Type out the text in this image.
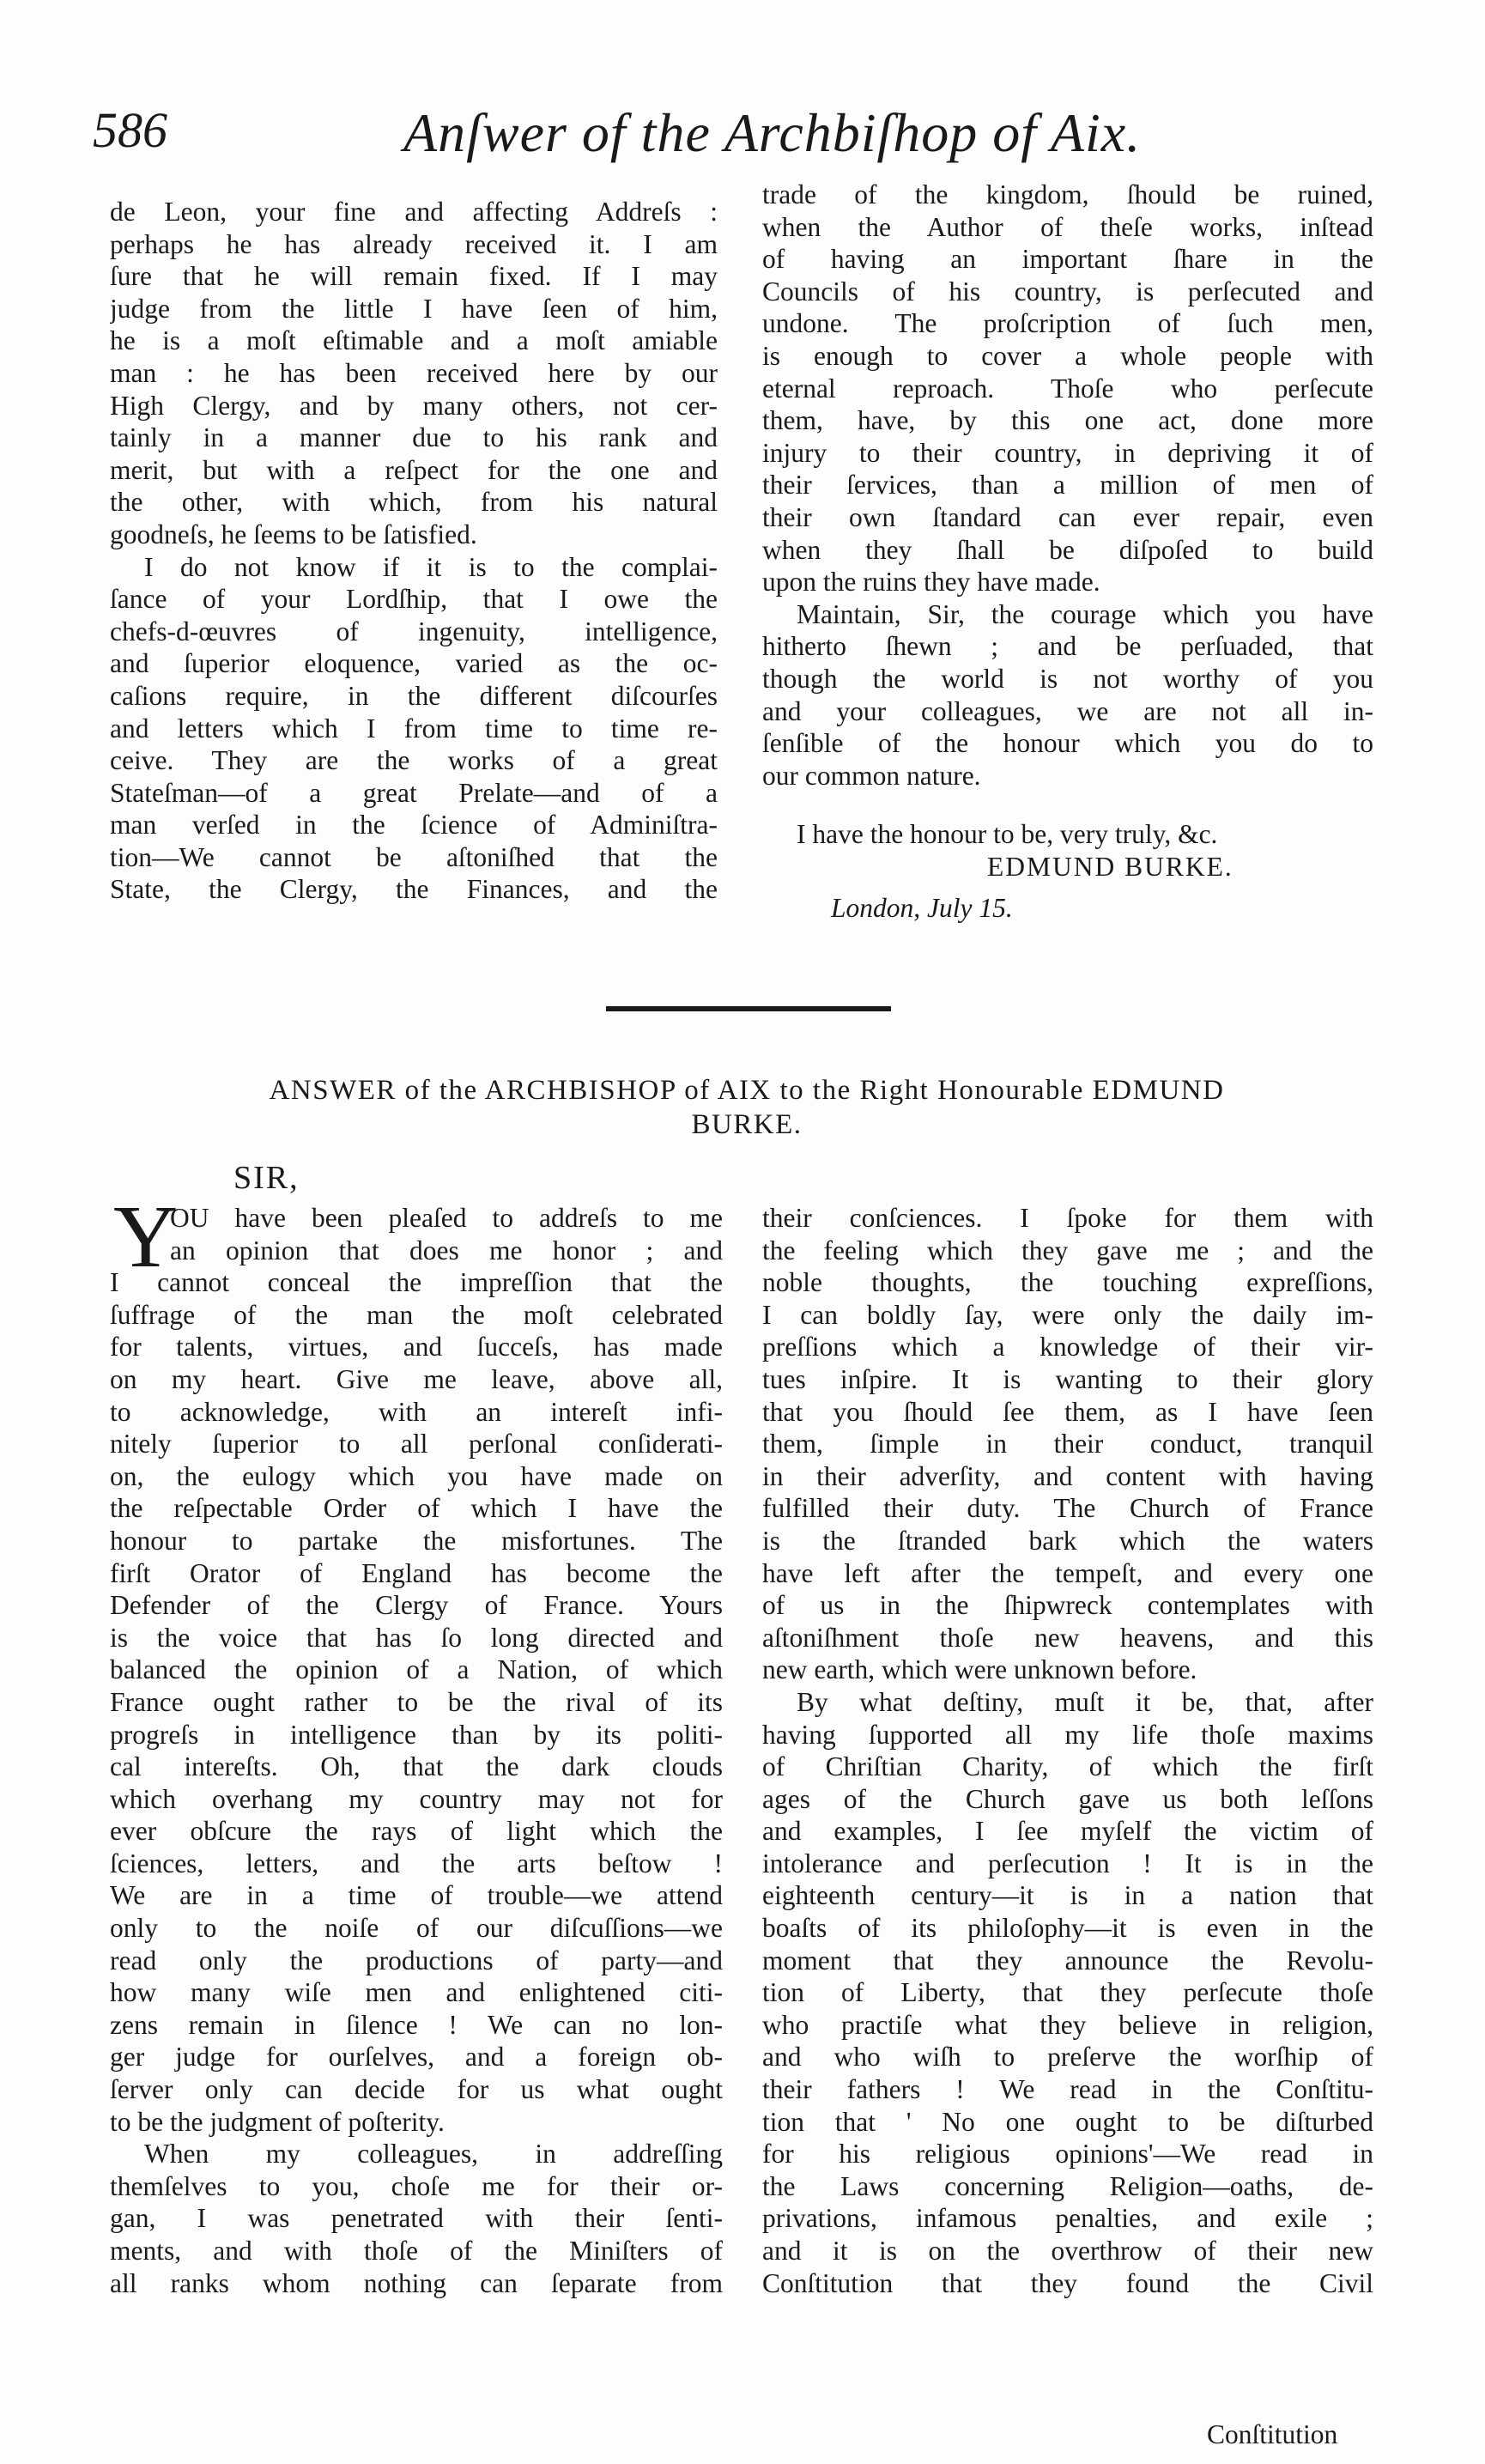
586	Anſwer of the Archbiſhop of Aix.
de Leon, your fine and affecting Addreſs :
perhaps he has already received it. I am
ſure that he will remain fixed. If I may
judge from the little I have ſeen of him,
he is a moſt eſtimable and a moſt amiable
man : he has been received here by our
High Clergy, and by many others, not cer-
tainly in a manner due to his rank and
merit, but with a reſpect for the one and
the other, with which, from his natural
goodneſs, he ſeems to be ſatisfied.
I do not know if it is to the complai-
ſance of your Lordſhip, that I owe the
chefs-d-œuvres of ingenuity, intelligence,
and ſuperior eloquence, varied as the oc-
caſions require, in the different diſcourſes
and letters which I from time to time re-
ceive. They are the works of a great
Stateſman—of a great Prelate—and of a
man verſed in the ſcience of Adminiſtra-
tion—We cannot be aſtoniſhed that the
State, the Clergy, the Finances, and the
trade of the kingdom, ſhould be ruined,
when the Author of theſe works, inſtead
of having an important ſhare in the
Councils of his country, is perſecuted and
undone. The proſcription of ſuch men,
is enough to cover a whole people with
eternal reproach. Thoſe who perſecute
them, have, by this one act, done more
injury to their country, in depriving it of
their ſervices, than a million of men of
their own ſtandard can ever repair, even
when they ſhall be diſpoſed to build
upon the ruins they have made.
Maintain, Sir, the courage which you have
hitherto ſhewn ; and be perſuaded, that
though the world is not worthy of you
and your colleagues, we are not all in-
ſenſible of the honour which you do to
our common nature.
I have the honour to be, very truly, &c.
EDMUND BURKE.
London, July 15.
ANSWER of the ARCHBISHOP of AIX to the Right Honourable EDMUND
BURKE.
SIR,
Y
OU have been pleaſed to addreſs to me
an opinion that does me honor ; and
I cannot conceal the impreſſion that the
ſuffrage of the man the moſt celebrated
for talents, virtues, and ſucceſs, has made
on my heart. Give me leave, above all,
to acknowledge, with an intereſt infi-
nitely ſuperior to all perſonal conſiderati-
on, the eulogy which you have made on
the reſpectable Order of which I have the
honour to partake the misfortunes. The
firſt Orator of England has become the
Defender of the Clergy of France. Yours
is the voice that has ſo long directed and
balanced the opinion of a Nation, of which
France ought rather to be the rival of its
progreſs in intelligence than by its politi-
cal intereſts. Oh, that the dark clouds
which overhang my country may not for
ever obſcure the rays of light which the
ſciences, letters, and the arts beſtow !
We are in a time of trouble—we attend
only to the noiſe of our diſcuſſions—we
read only the productions of party—and
how many wiſe men and enlightened citi-
zens remain in ſilence ! We can no lon-
ger judge for ourſelves, and a foreign ob-
ſerver only can decide for us what ought
to be the judgment of poſterity.
When my colleagues, in addreſſing
themſelves to you, choſe me for their or-
gan, I was penetrated with their ſenti-
ments, and with thoſe of the Miniſters of
all ranks whom nothing can ſeparate from
their conſciences. I ſpoke for them with
the feeling which they gave me ; and the
noble thoughts, the touching expreſſions,
I can boldly ſay, were only the daily im-
preſſions which a knowledge of their vir-
tues inſpire. It is wanting to their glory
that you ſhould ſee them, as I have ſeen
them, ſimple in their conduct, tranquil
in their adverſity, and content with having
fulfilled their duty. The Church of France
is the ſtranded bark which the waters
have left after the tempeſt, and every one
of us in the ſhipwreck contemplates with
aſtoniſhment thoſe new heavens, and this
new earth, which were unknown before.
By what deſtiny, muſt it be, that, after
having ſupported all my life thoſe maxims
of Chriſtian Charity, of which the firſt
ages of the Church gave us both leſſons
and examples, I ſee myſelf the victim of
intolerance and perſecution ! It is in the
eighteenth century—it is in a nation that
boaſts of its philoſophy—it is even in the
moment that they announce the Revolu-
tion of Liberty, that they perſecute thoſe
who practiſe what they believe in religion,
and who wiſh to preſerve the worſhip of
their fathers ! We read in the Conſtitu-
tion that ' No one ought to be diſturbed
for his religious opinions'—We read in
the Laws concerning Religion—oaths, de-
privations, infamous penalties, and exile ;
and it is on the overthrow of their new
Conſtitution that they found the Civil
Conſtitution
